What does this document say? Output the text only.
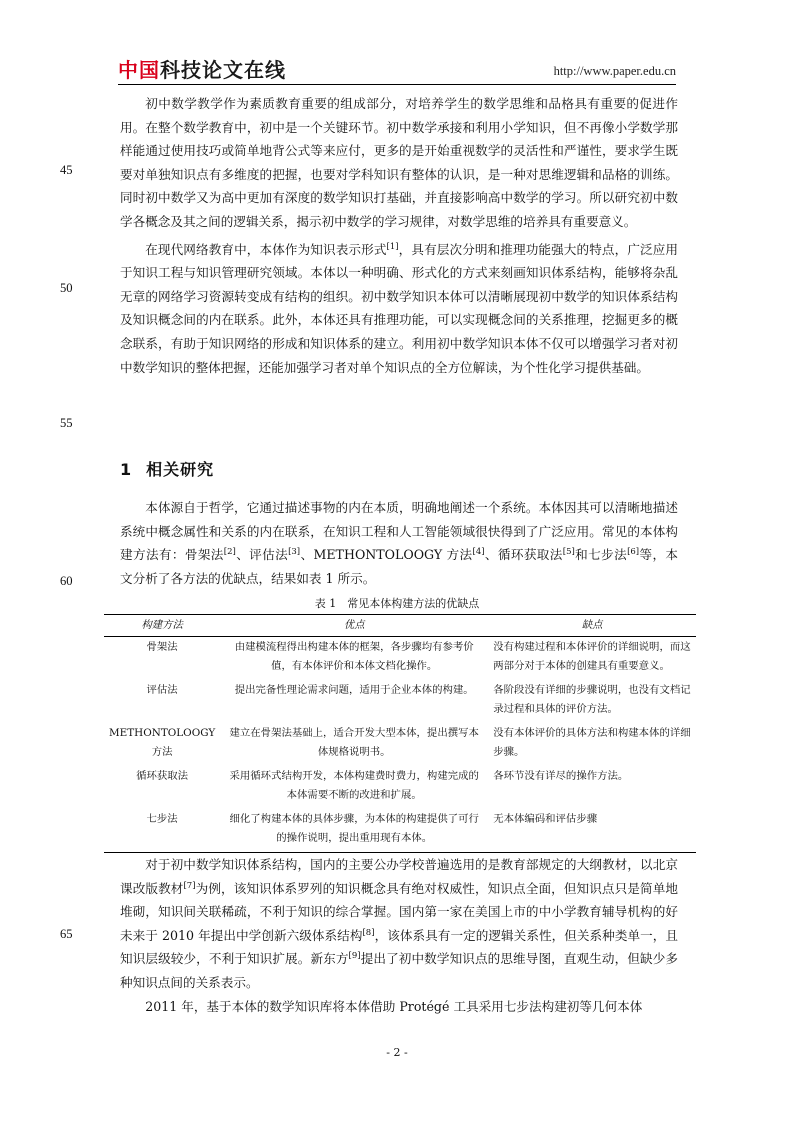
中国科技论文在线	http://www.paper.edu.cn
45
50
55
60
65

初中数学教学作为素质教育重要的组成部分，对培养学生的数学思维和品格具有重要的促进作用。在整个数学教育中，初中是一个关键环节。初中数学承接和利用小学知识，但不再像小学数学那样能通过使用技巧或简单地背公式等来应付，更多的是开始重视数学的灵活性和严谨性，要求学生既要对单独知识点有多维度的把握，也要对学科知识有整体的认识，是一种对思维逻辑和品格的训练。同时初中数学又为高中更加有深度的数学知识打基础，并直接影响高中数学的学习。所以研究初中数学各概念及其之间的逻辑关系，揭示初中数学的学习规律，对数学思维的培养具有重要意义。

在现代网络教育中，本体作为知识表示形式[1]，具有层次分明和推理功能强大的特点，广泛应用于知识工程与知识管理研究领域。本体以一种明确、形式化的方式来刻画知识体系结构，能够将杂乱无章的网络学习资源转变成有结构的组织。初中数学知识本体可以清晰展现初中数学的知识体系结构及知识概念间的内在联系。此外，本体还具有推理功能，可以实现概念间的关系推理，挖掘更多的概念联系，有助于知识网络的形成和知识体系的建立。利用初中数学知识本体不仅可以增强学习者对初中数学知识的整体把握，还能加强学习者对单个知识点的全方位解读，为个性化学习提供基础。

1 相关研究

本体源自于哲学，它通过描述事物的内在本质，明确地阐述一个系统。本体因其可以清晰地描述系统中概念属性和关系的内在联系，在知识工程和人工智能领域很快得到了广泛应用。常见的本体构建方法有：骨架法[2]、评估法[3]、METHONTOLOOGY 方法[4]、循环获取法[5]和七步法[6]等，本文分析了各方法的优缺点，结果如表 1 所示。

表 1　常见本体构建方法的优缺点
构建方法	优点	缺点
骨架法	由建模流程得出构建本体的框架，各步骤均有参考价值，有本体评价和本体文档化操作。	没有构建过程和本体评价的详细说明，而这两部分对于本体的创建具有重要意义。
评估法	提出完备性理论需求问题，适用于企业本体的构建。	各阶段没有详细的步骤说明，也没有文档记录过程和具体的评价方法。
METHONTOLOOGY 方法	建立在骨架法基础上，适合开发大型本体，提出撰写本体规格说明书。	没有本体评价的具体方法和构建本体的详细步骤。
循环获取法	采用循环式结构开发，本体构建费时费力，构建完成的本体需要不断的改进和扩展。	各环节没有详尽的操作方法。
七步法	细化了构建本体的具体步骤，为本体的构建提供了可行的操作说明，提出重用现有本体。	无本体编码和评估步骤

对于初中数学知识体系结构，国内的主要公办学校普遍选用的是教育部规定的大纲教材，以北京课改版教材[7]为例，该知识体系罗列的知识概念具有绝对权威性，知识点全面，但知识点只是简单地堆砌，知识间关联稀疏，不利于知识的综合掌握。国内第一家在美国上市的中小学教育辅导机构的好未来于 2010 年提出中学创新六级体系结构[8]，该体系具有一定的逻辑关系性，但关系种类单一，且知识层级较少，不利于知识扩展。新东方[9]提出了初中数学知识点的思维导图，直观生动，但缺少多种知识点间的关系表示。

2011 年，基于本体的数学知识库将本体借助 Protégé 工具采用七步法构建初等几何本体

- 2 -
